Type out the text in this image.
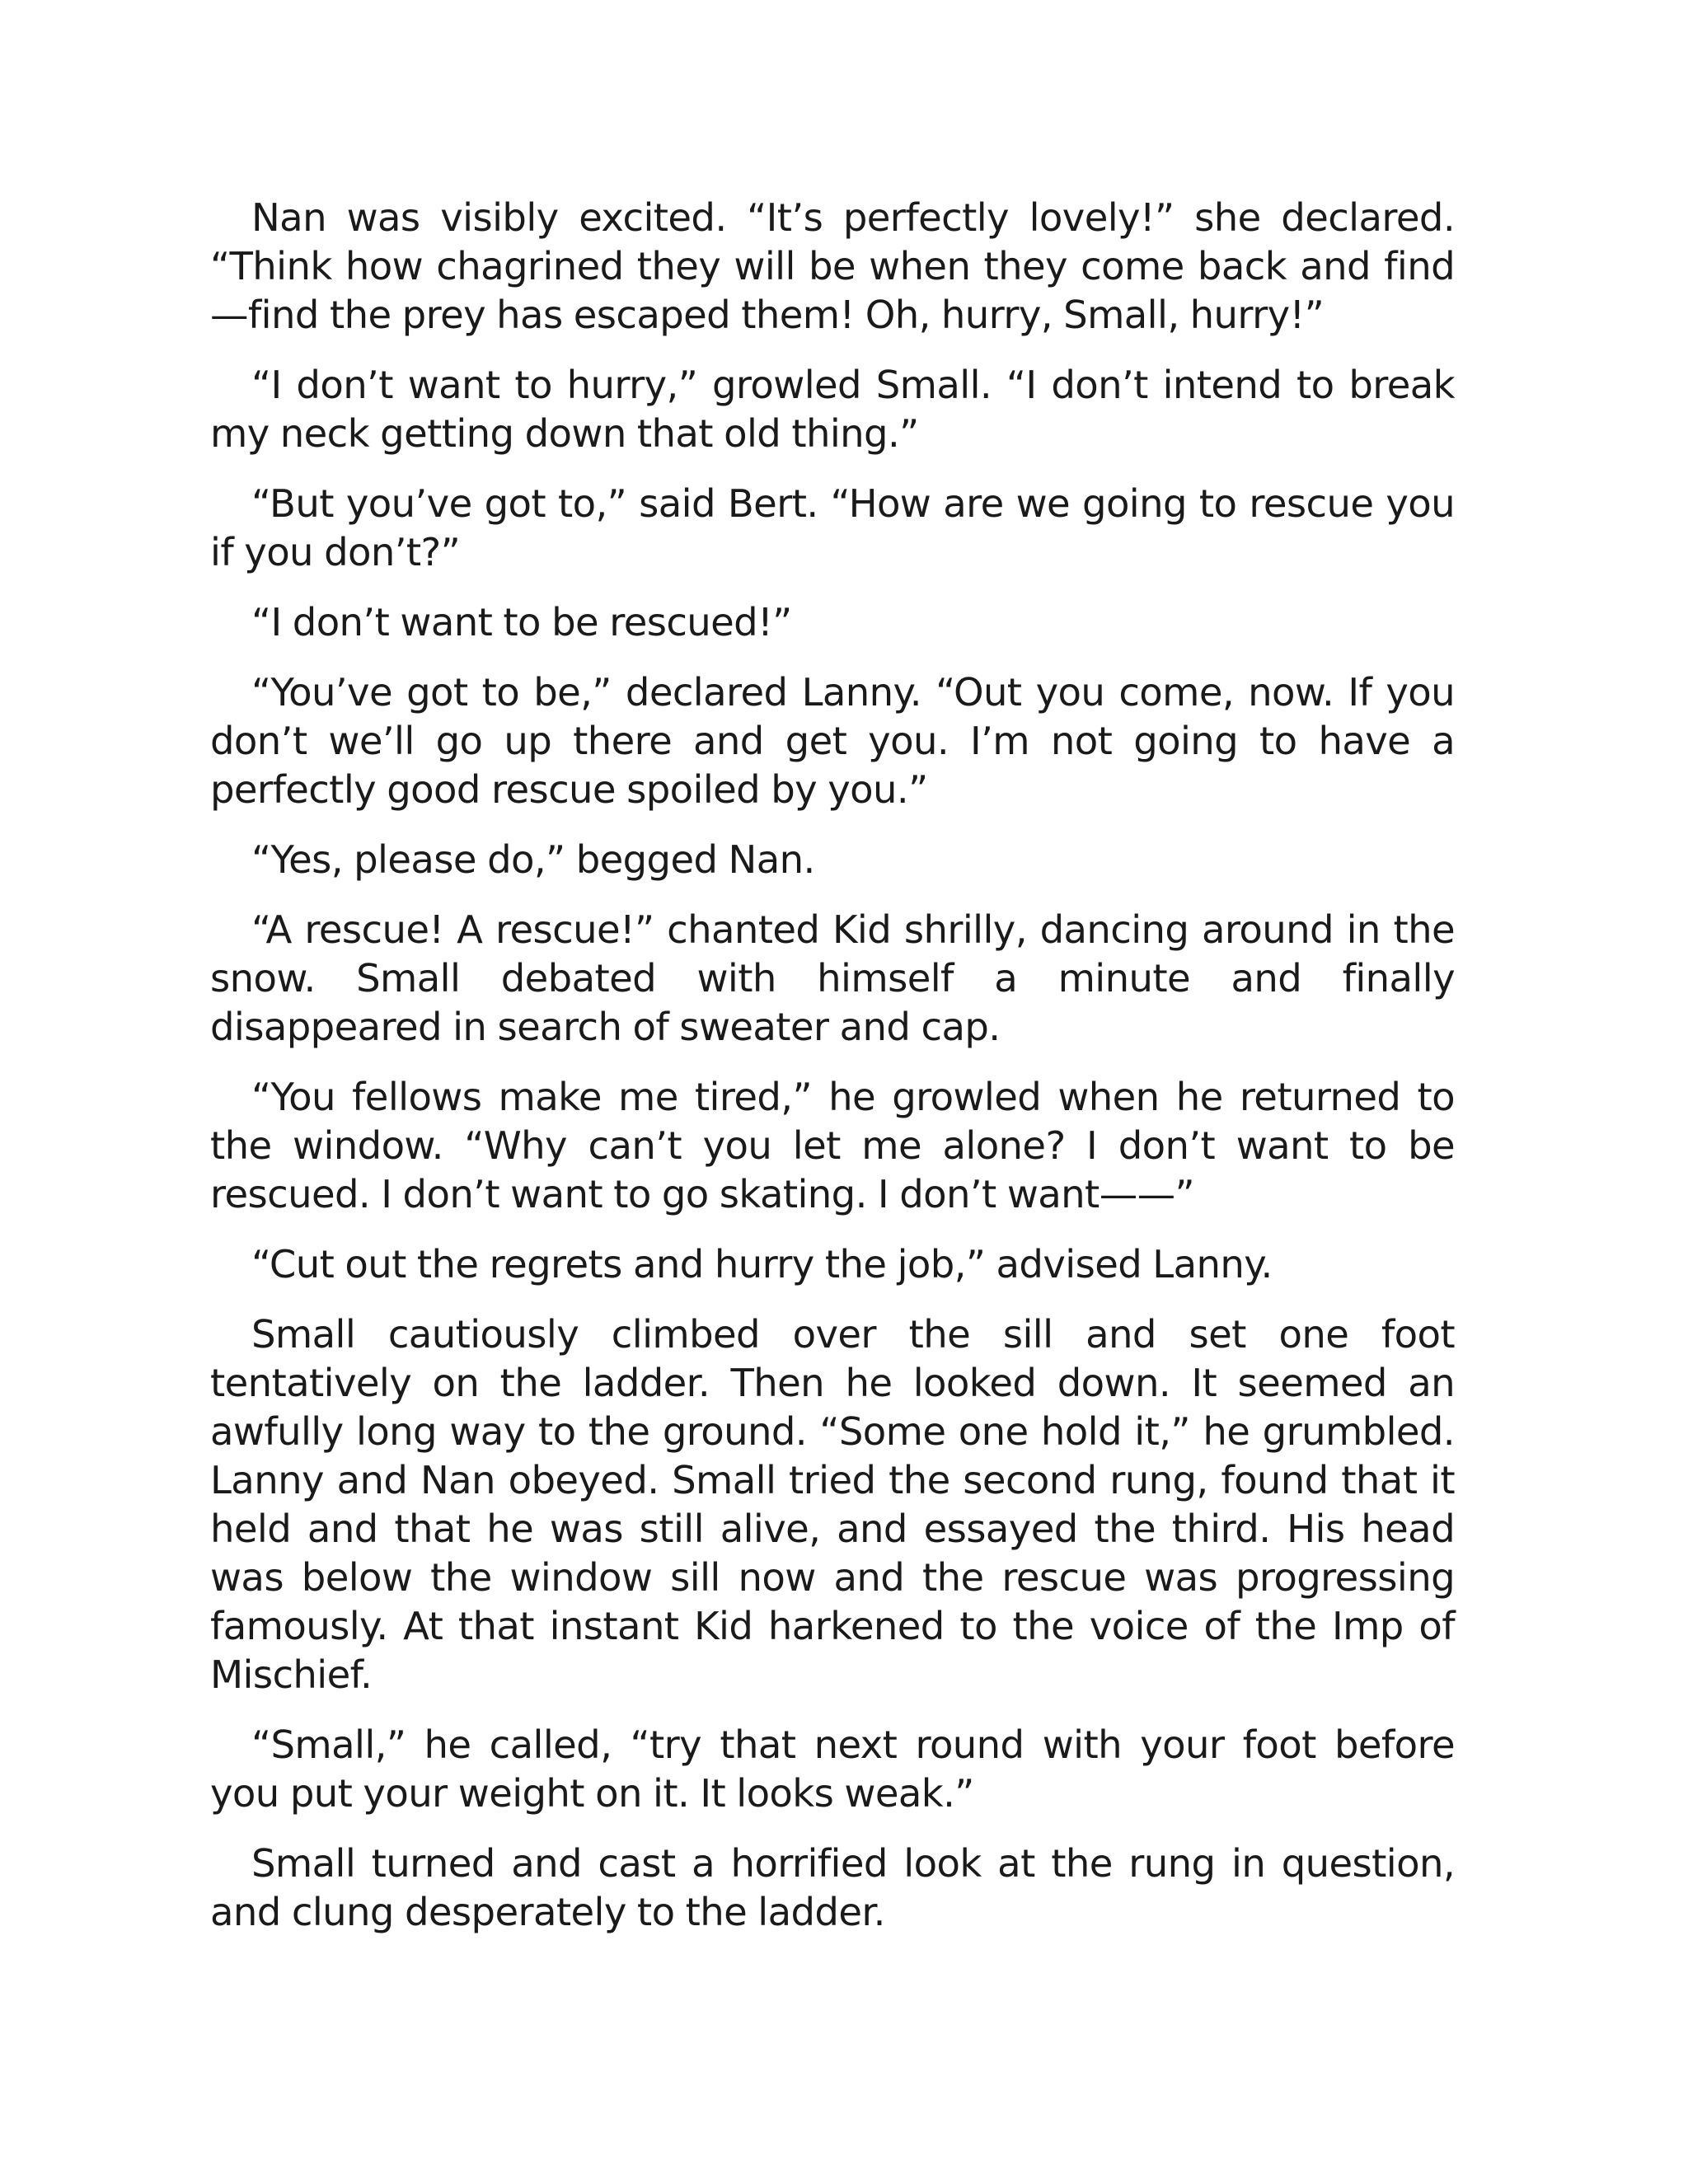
Nan was visibly excited. “It’s perfectly lovely!” she declared. “Think how chagrined they will be when they come back and find—find the prey has escaped them! Oh, hurry, Small, hurry!”

“I don’t want to hurry,” growled Small. “I don’t intend to break my neck getting down that old thing.”

“But you’ve got to,” said Bert. “How are we going to rescue you if you don’t?”

“I don’t want to be rescued!”

“You’ve got to be,” declared Lanny. “Out you come, now. If you don’t we’ll go up there and get you. I’m not going to have a perfectly good rescue spoiled by you.”

“Yes, please do,” begged Nan.

“A rescue! A rescue!” chanted Kid shrilly, dancing around in the snow. Small debated with himself a minute and finally disappeared in search of sweater and cap.

“You fellows make me tired,” he growled when he returned to the window. “Why can’t you let me alone? I don’t want to be rescued. I don’t want to go skating. I don’t want——”

“Cut out the regrets and hurry the job,” advised Lanny.

Small cautiously climbed over the sill and set one foot tentatively on the ladder. Then he looked down. It seemed an awfully long way to the ground. “Some one hold it,” he grumbled. Lanny and Nan obeyed. Small tried the second rung, found that it held and that he was still alive, and essayed the third. His head was below the window sill now and the rescue was progressing famously. At that instant Kid harkened to the voice of the Imp of Mischief.

“Small,” he called, “try that next round with your foot before you put your weight on it. It looks weak.”

Small turned and cast a horrified look at the rung in question, and clung desperately to the ladder.
